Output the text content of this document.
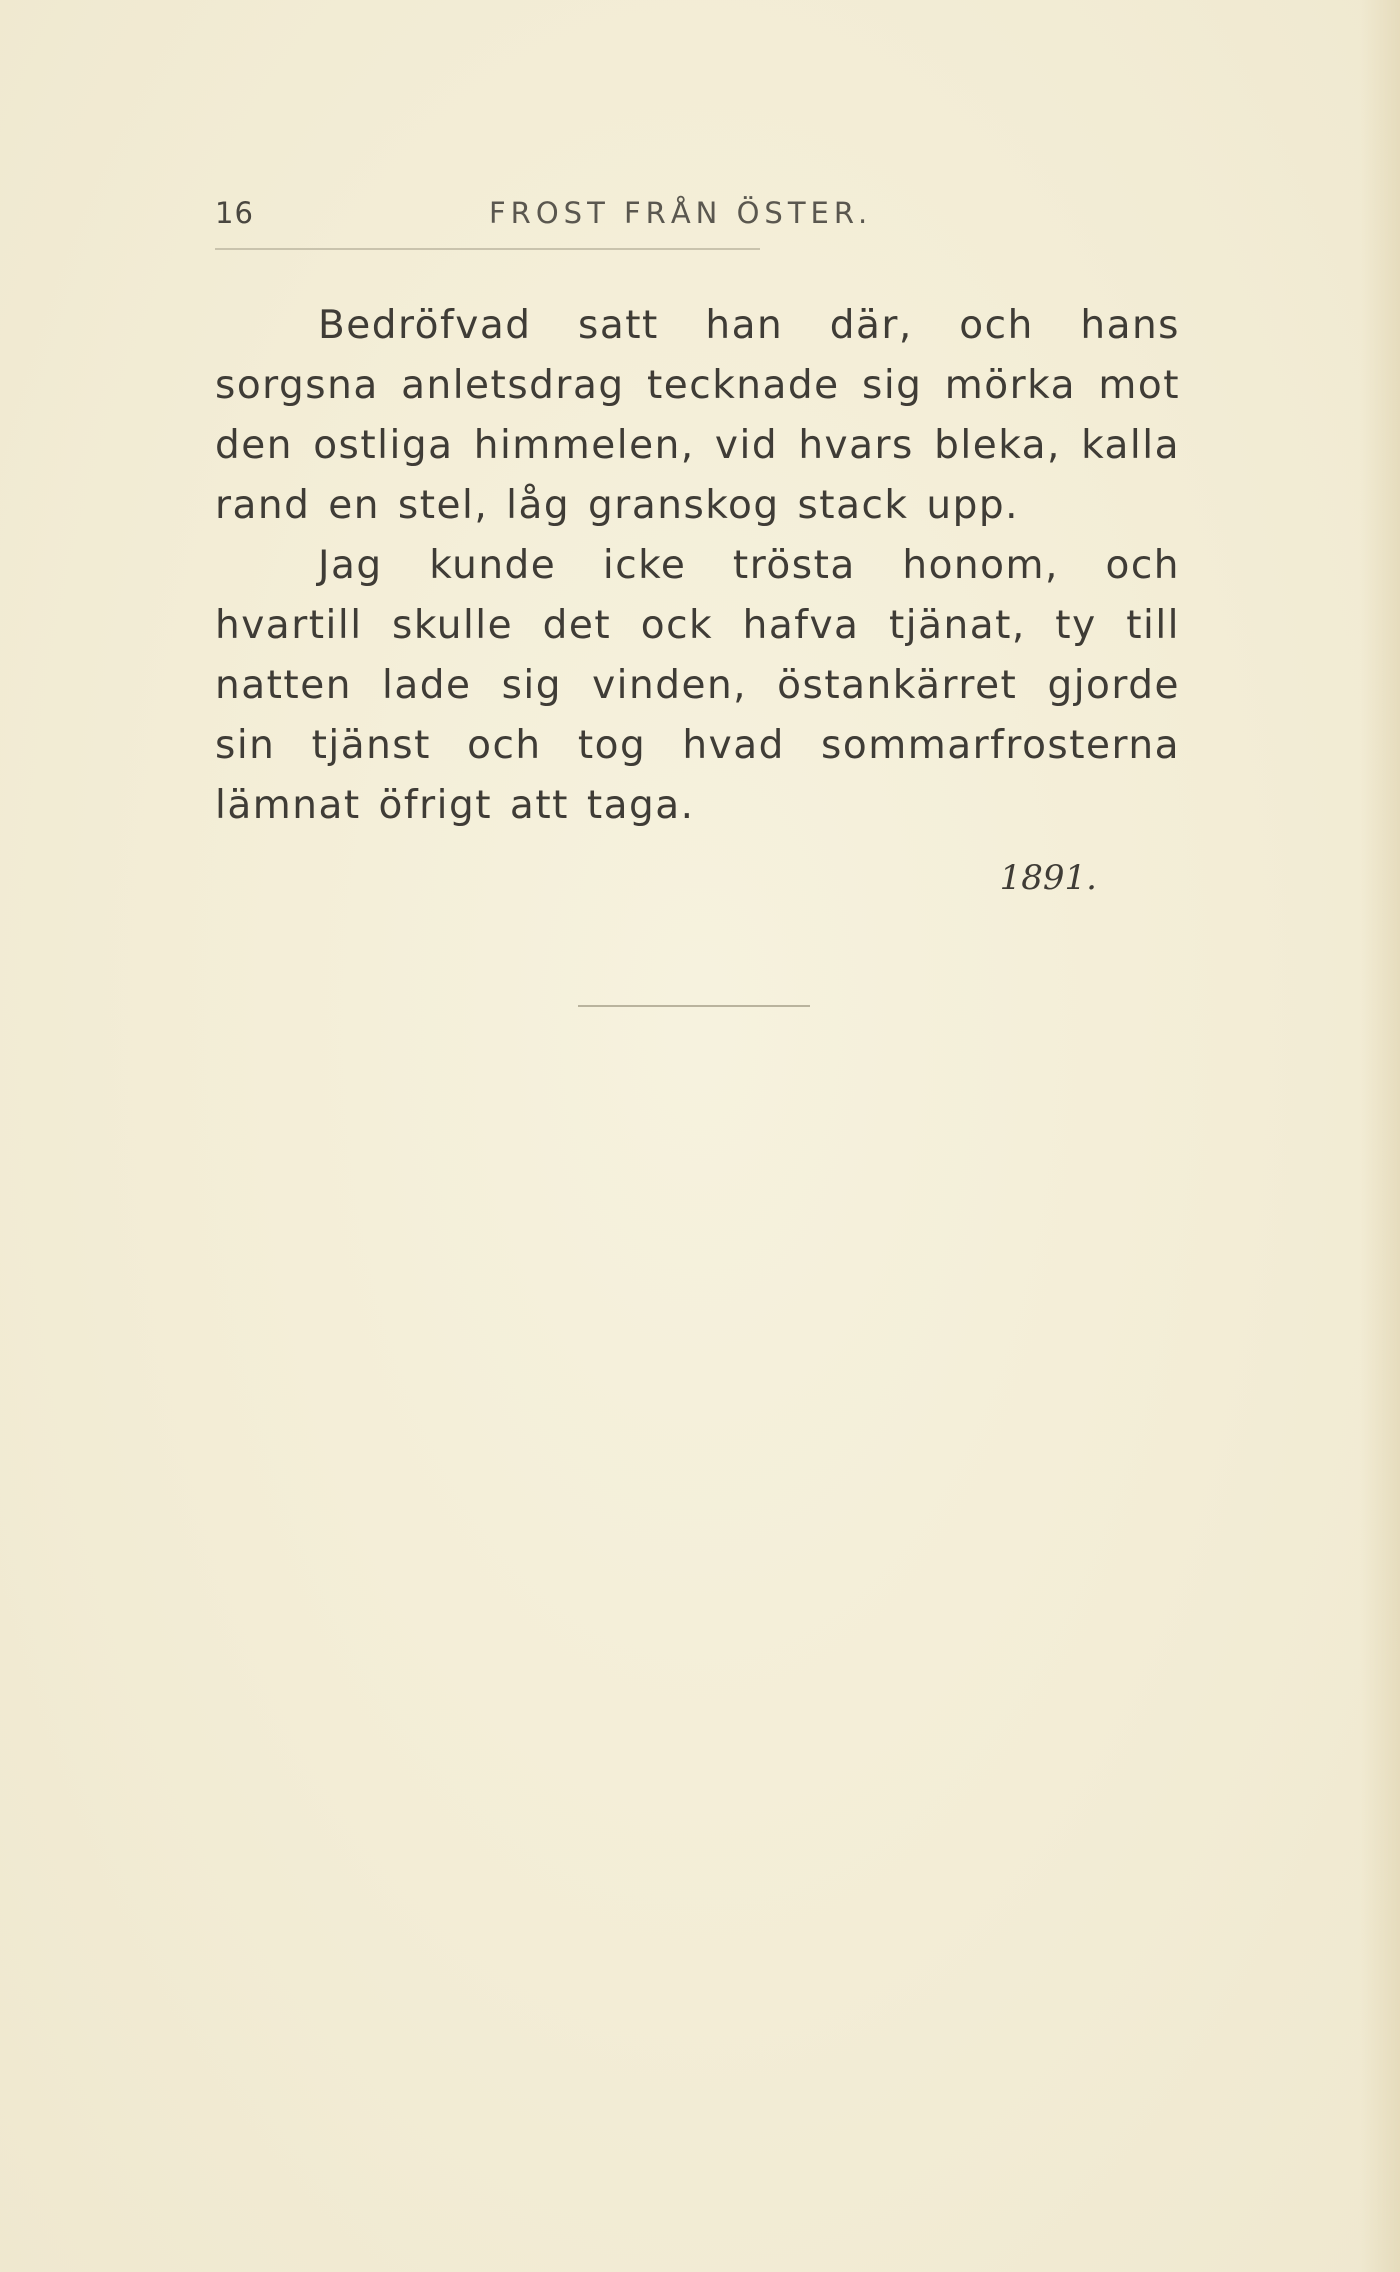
16	FROST FRÅN ÖSTER.

Bedröfvad satt han där, och hans sorgsna anletsdrag tecknade sig mörka mot den ostliga himmelen, vid hvars bleka, kalla rand en stel, låg granskog stack upp.

Jag kunde icke trösta honom, och hvartill skulle det ock hafva tjänat, ty till natten lade sig vinden, östankärret gjorde sin tjänst och tog hvad sommarfrosterna lämnat öfrigt att taga.

1891.
